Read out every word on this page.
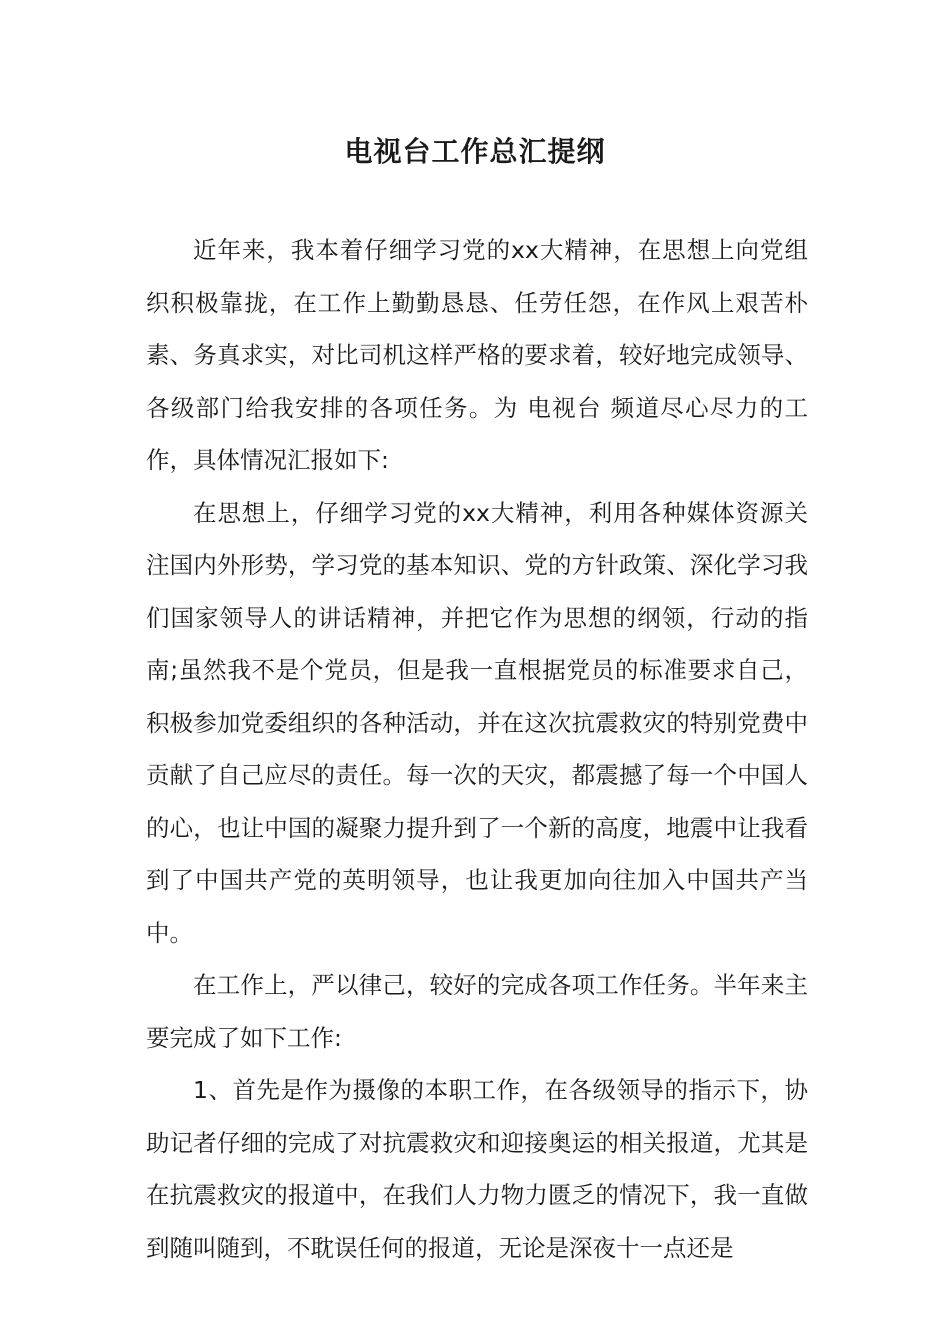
电视台工作总汇提纲

近年来，我本着仔细学习党的xx大精神，在思想上向党组织积极靠拢，在工作上勤勤恳恳、任劳任怨，在作风上艰苦朴素、务真求实，对比司机这样严格的要求着，较好地完成领导、各级部门给我安排的各项任务。为 电视台 频道尽心尽力的工作，具体情况汇报如下:

在思想上，仔细学习党的xx大精神，利用各种媒体资源关注国内外形势，学习党的基本知识、党的方针政策、深化学习我们国家领导人的讲话精神，并把它作为思想的纲领，行动的指南;虽然我不是个党员，但是我一直根据党员的标准要求自己，积极参加党委组织的各种活动，并在这次抗震救灾的特别党费中贡献了自己应尽的责任。每一次的天灾，都震撼了每一个中国人的心，也让中国的凝聚力提升到了一个新的高度，地震中让我看到了中国共产党的英明领导，也让我更加向往加入中国共产当中。

在工作上，严以律己，较好的完成各项工作任务。半年来主要完成了如下工作:

1、首先是作为摄像的本职工作，在各级领导的指示下，协助记者仔细的完成了对抗震救灾和迎接奥运的相关报道，尤其是在抗震救灾的报道中，在我们人力物力匮乏的情况下，我一直做到随叫随到，不耽误任何的报道，无论是深夜十一点还是
